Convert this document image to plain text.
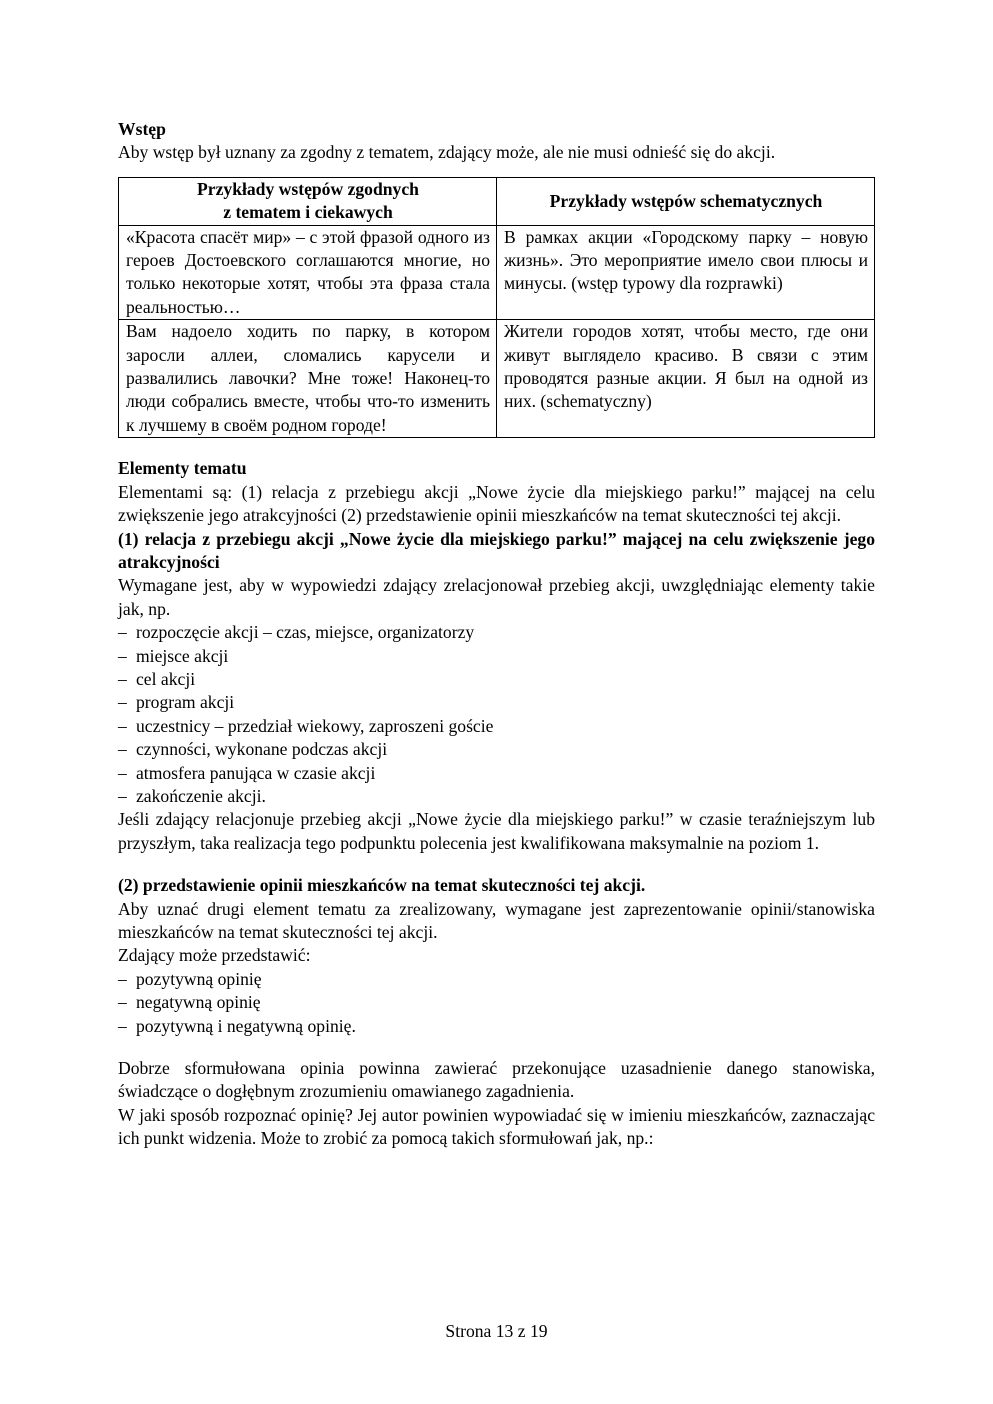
Wstęp

Aby wstęp był uznany za zgodny z tematem, zdający może, ale nie musi odnieść się do akcji.

Przykłady wstępów zgodnych
z tematem i ciekawych	Przykłady wstępów schematycznych
«Красота спасёт мир» – с этой фразой одного из героев Достоевского соглашаются многие, но только некоторые хотят, чтобы эта фраза стала реальностью…	В рамках акции «Городскому парку – новую жизнь». Это мероприятие имело свои плюсы и минусы. (wstęp typowy dla rozprawki)
Вам надоело ходить по парку, в котором заросли аллеи, сломались карусели и развалились лавочки? Мне тоже! Наконец-то люди собрались вместе, чтобы что-то изменить к лучшему в своём родном городе!	Жители городов хотят, чтобы место, где они живут выглядело красиво. В связи с этим проводятся разные акции. Я был на одной из них. (schematyczny)

Elementy tematu

Elementami są: (1) relacja z przebiegu akcji „Nowe życie dla miejskiego parku!” mającej na celu zwiększenie jego atrakcyjności (2) przedstawienie opinii mieszkańców na temat skuteczności tej akcji.

(1) relacja z przebiegu akcji „Nowe życie dla miejskiego parku!” mającej na celu zwiększenie jego atrakcyjności

Wymagane jest, aby w wypowiedzi zdający zrelacjonował przebieg akcji, uwzględniając elementy takie jak, np.

– rozpoczęcie akcji – czas, miejsce, organizatorzy
– miejsce akcji
– cel akcji
– program akcji
– uczestnicy – przedział wiekowy, zaproszeni goście
– czynności, wykonane podczas akcji
– atmosfera panująca w czasie akcji
– zakończenie akcji.

Jeśli zdający relacjonuje przebieg akcji „Nowe życie dla miejskiego parku!” w czasie teraźniejszym lub przyszłym, taka realizacja tego podpunktu polecenia jest kwalifikowana maksymalnie na poziom 1.

(2) przedstawienie opinii mieszkańców na temat skuteczności tej akcji.

Aby uznać drugi element tematu za zrealizowany, wymagane jest zaprezentowanie opinii/stanowiska mieszkańców na temat skuteczności tej akcji.

Zdający może przedstawić:

– pozytywną opinię
– negatywną opinię
– pozytywną i negatywną opinię.

Dobrze sformułowana opinia powinna zawierać przekonujące uzasadnienie danego stanowiska, świadczące o dogłębnym zrozumieniu omawianego zagadnienia.

W jaki sposób rozpoznać opinię? Jej autor powinien wypowiadać się w imieniu mieszkańców, zaznaczając ich punkt widzenia. Może to zrobić za pomocą takich sformułowań jak, np.:

Strona 13 z 19
